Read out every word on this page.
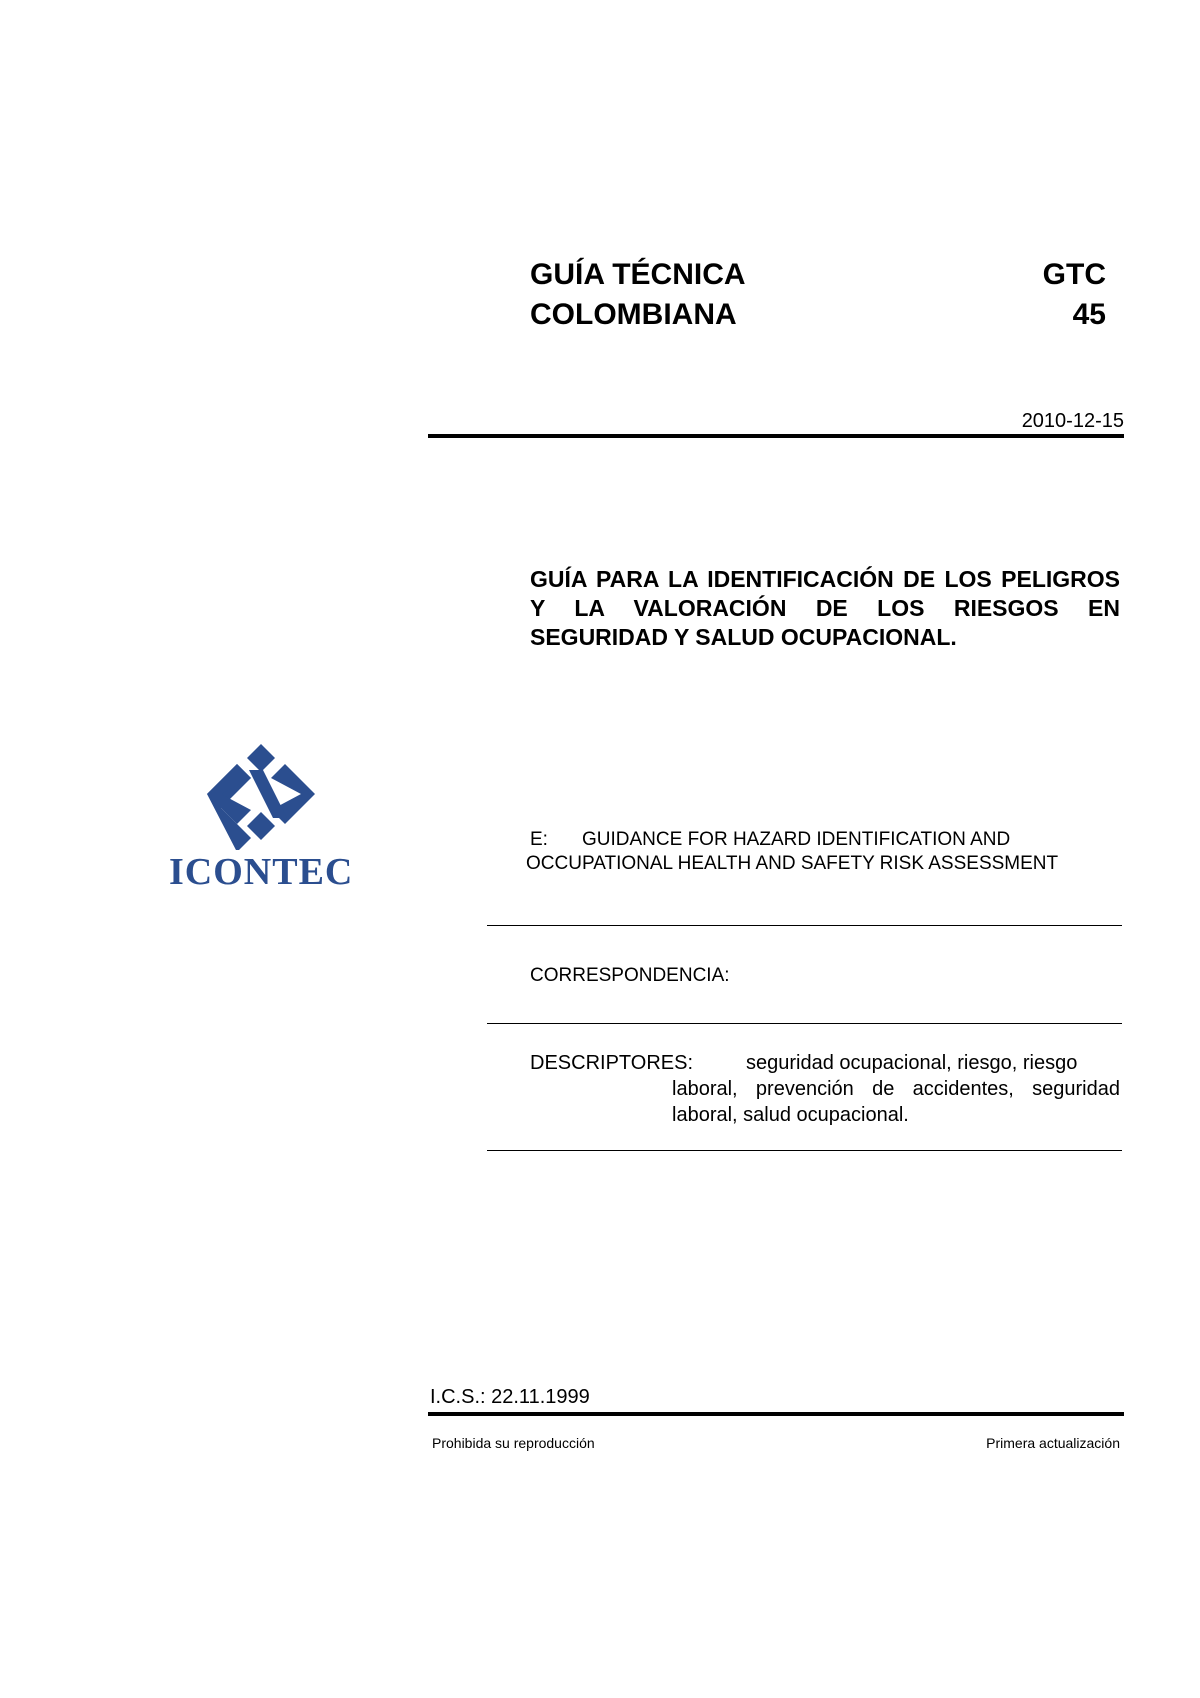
GUÍA TÉCNICA
COLOMBIANA
GTC
45
2010-12-15
GUÍA PARA LA IDENTIFICACIÓN DE LOS PELIGROS Y LA VALORACIÓN DE LOS RIESGOS EN SEGURIDAD Y SALUD OCUPACIONAL.
ICONTEC
E: GUIDANCE FOR HAZARD IDENTIFICATION AND
OCCUPATIONAL HEALTH AND SAFETY RISK ASSESSMENT
CORRESPONDENCIA:
DESCRIPTORES:	seguridad ocupacional, riesgo, riesgo
laboral, prevención de accidentes, seguridad laboral, salud ocupacional.
I.C.S.: 22.11.1999
Prohibida su reproducción	Primera actualización
